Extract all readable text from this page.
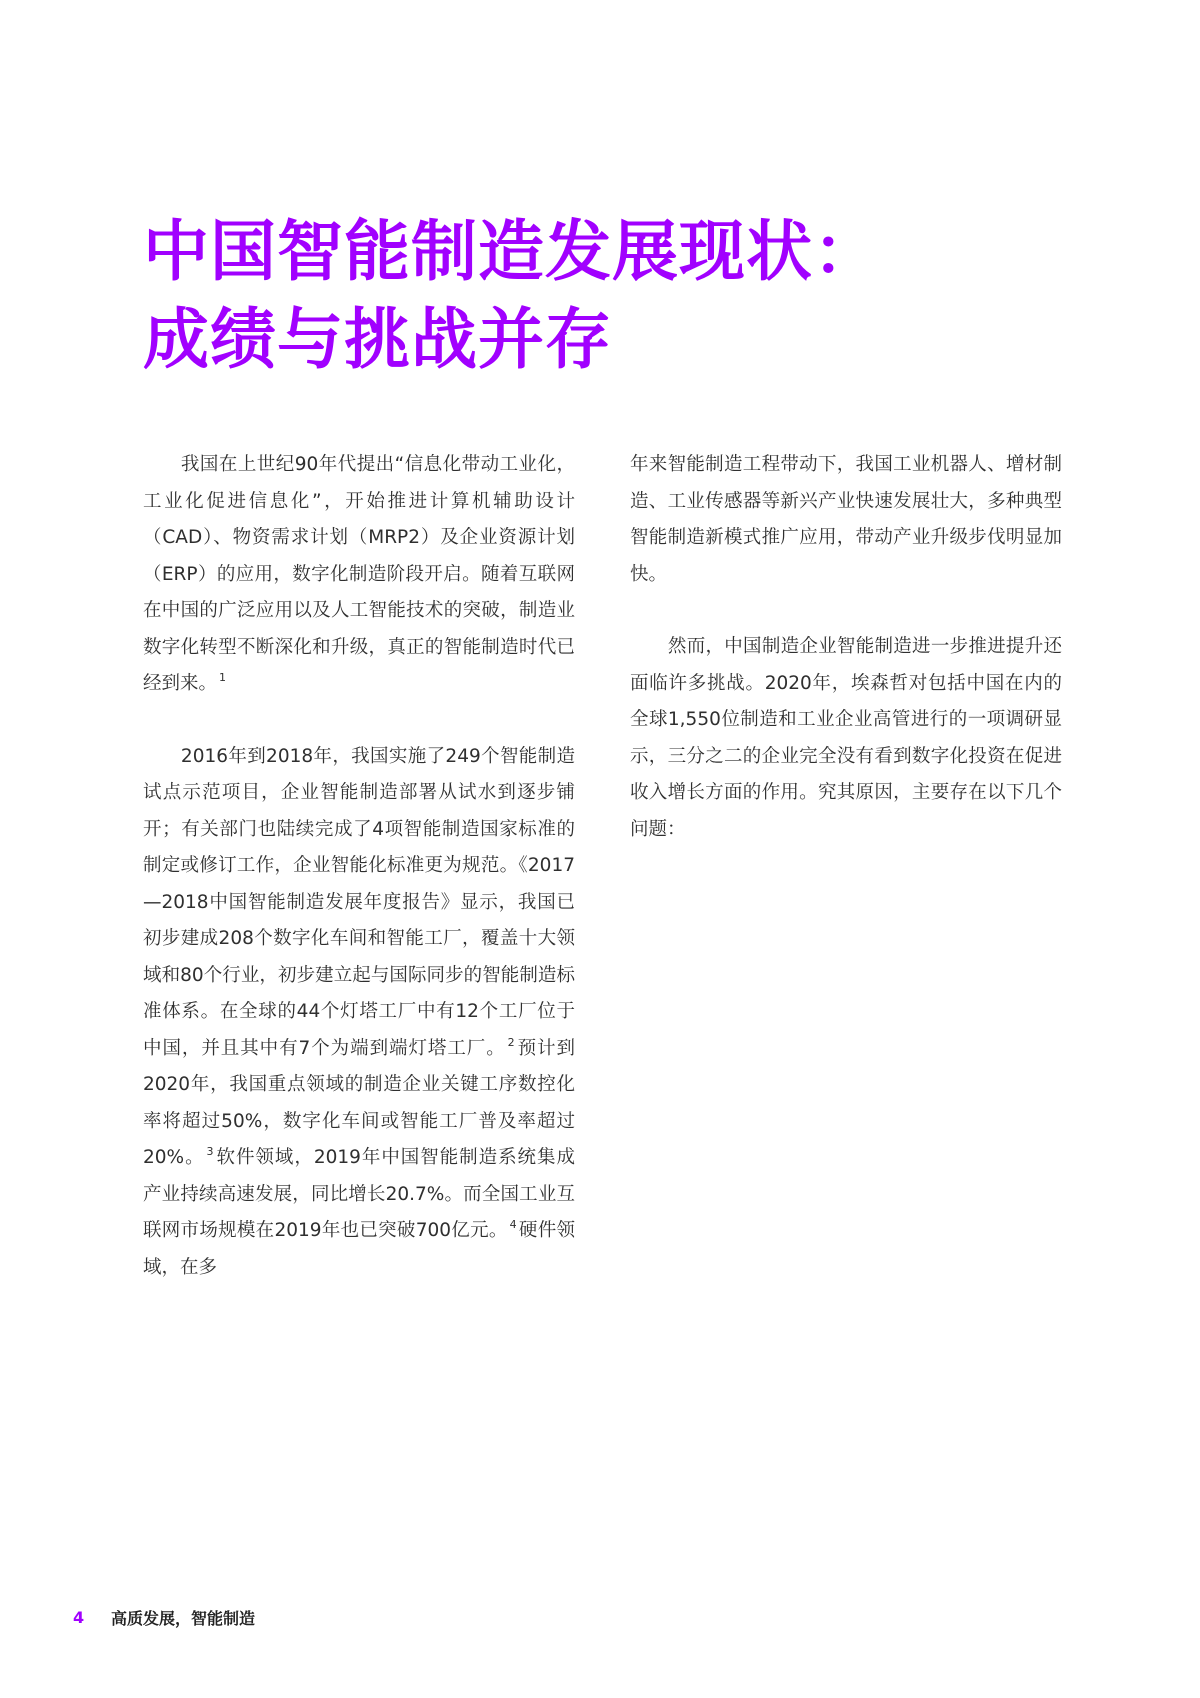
中国智能制造发展现状：
成绩与挑战并存

我国在上世纪90年代提出“信息化带动工业化，工业化促进信息化”，开始推进计算机辅助设计（CAD）、物资需求计划（MRP2）及企业资源计划（ERP）的应用，数字化制造阶段开启。随着互联网在中国的广泛应用以及人工智能技术的突破，制造业数字化转型不断深化和升级，真正的智能制造时代已经到来。 $^1$

2016年到2018年，我国实施了249个智能制造试点示范项目，企业智能制造部署从试水到逐步铺开；有关部门也陆续完成了4项智能制造国家标准的制定或修订工作，企业智能化标准更为规范。《2017—2018中国智能制造发展年度报告》显示，我国已初步建成208个数字化车间和智能工厂，覆盖十大领域和80个行业，初步建立起与国际同步的智能制造标准体系。在全球的44个灯塔工厂中有12个工厂位于中国，并且其中有7个为端到端灯塔工厂。 $^2$ 预计到2020年，我国重点领域的制造企业关键工序数控化率将超过50%，数字化车间或智能工厂普及率超过20%。 $^3$ 软件领域，2019年中国智能制造系统集成产业持续高速发展，同比增长20.7%。而全国工业互联网市场规模在2019年也已突破700亿元。 $^4$ 硬件领域，在多

年来智能制造工程带动下，我国工业机器人、增材制造、工业传感器等新兴产业快速发展壮大，多种典型智能制造新模式推广应用，带动产业升级步伐明显加快。

然而，中国制造企业智能制造进一步推进提升还面临许多挑战。2020年，埃森哲对包括中国在内的全球1,550位制造和工业企业高管进行的一项调研显示，三分之二的企业完全没有看到数字化投资在促进收入增长方面的作用。究其原因，主要存在以下几个问题：

4	高质发展，智能制造
